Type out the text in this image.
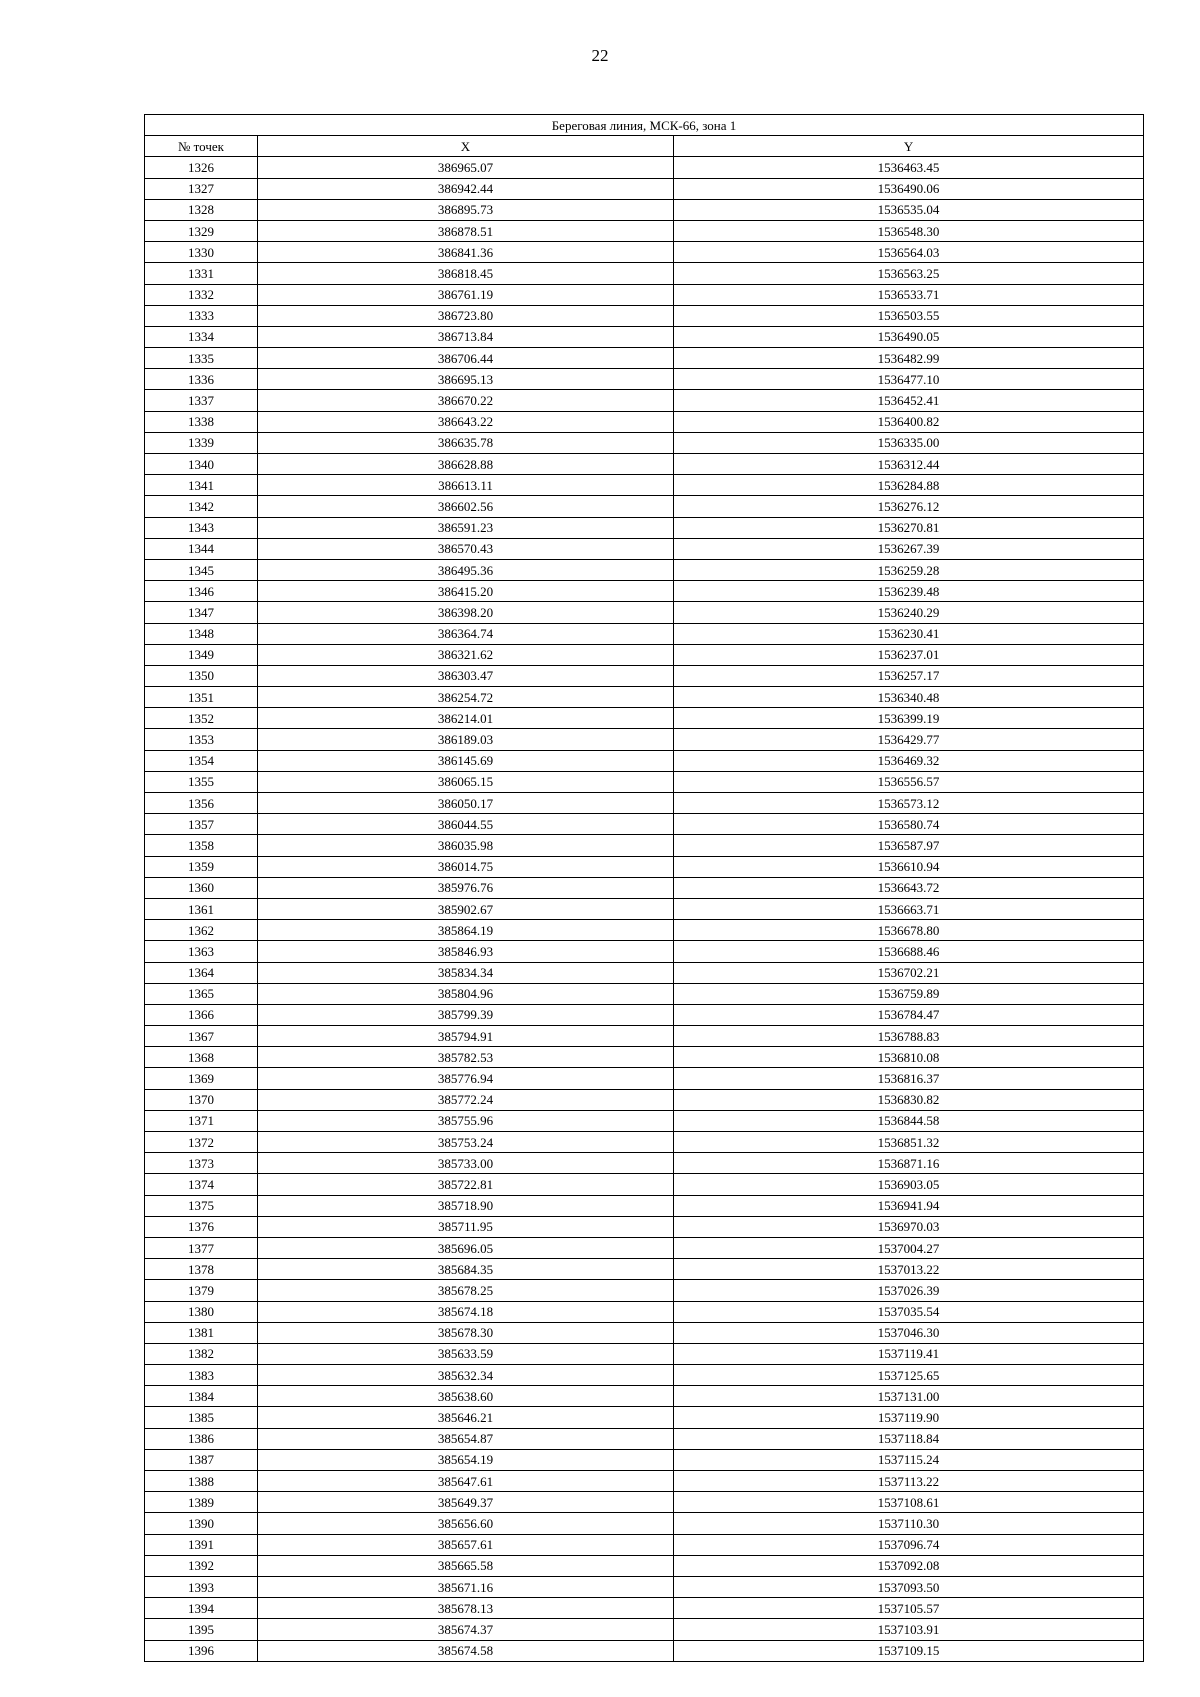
22
Береговая линия, МСК-66, зона 1		
№ точек	X	Y
1326	386965.07	1536463.45
1327	386942.44	1536490.06
1328	386895.73	1536535.04
1329	386878.51	1536548.30
1330	386841.36	1536564.03
1331	386818.45	1536563.25
1332	386761.19	1536533.71
1333	386723.80	1536503.55
1334	386713.84	1536490.05
1335	386706.44	1536482.99
1336	386695.13	1536477.10
1337	386670.22	1536452.41
1338	386643.22	1536400.82
1339	386635.78	1536335.00
1340	386628.88	1536312.44
1341	386613.11	1536284.88
1342	386602.56	1536276.12
1343	386591.23	1536270.81
1344	386570.43	1536267.39
1345	386495.36	1536259.28
1346	386415.20	1536239.48
1347	386398.20	1536240.29
1348	386364.74	1536230.41
1349	386321.62	1536237.01
1350	386303.47	1536257.17
1351	386254.72	1536340.48
1352	386214.01	1536399.19
1353	386189.03	1536429.77
1354	386145.69	1536469.32
1355	386065.15	1536556.57
1356	386050.17	1536573.12
1357	386044.55	1536580.74
1358	386035.98	1536587.97
1359	386014.75	1536610.94
1360	385976.76	1536643.72
1361	385902.67	1536663.71
1362	385864.19	1536678.80
1363	385846.93	1536688.46
1364	385834.34	1536702.21
1365	385804.96	1536759.89
1366	385799.39	1536784.47
1367	385794.91	1536788.83
1368	385782.53	1536810.08
1369	385776.94	1536816.37
1370	385772.24	1536830.82
1371	385755.96	1536844.58
1372	385753.24	1536851.32
1373	385733.00	1536871.16
1374	385722.81	1536903.05
1375	385718.90	1536941.94
1376	385711.95	1536970.03
1377	385696.05	1537004.27
1378	385684.35	1537013.22
1379	385678.25	1537026.39
1380	385674.18	1537035.54
1381	385678.30	1537046.30
1382	385633.59	1537119.41
1383	385632.34	1537125.65
1384	385638.60	1537131.00
1385	385646.21	1537119.90
1386	385654.87	1537118.84
1387	385654.19	1537115.24
1388	385647.61	1537113.22
1389	385649.37	1537108.61
1390	385656.60	1537110.30
1391	385657.61	1537096.74
1392	385665.58	1537092.08
1393	385671.16	1537093.50
1394	385678.13	1537105.57
1395	385674.37	1537103.91
1396	385674.58	1537109.15
